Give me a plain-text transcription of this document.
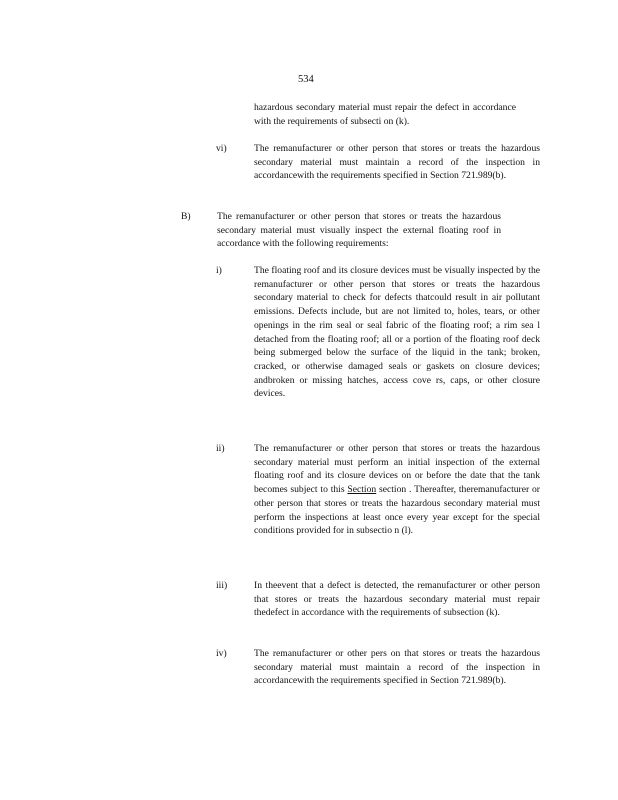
534

hazardous secondary material must repair the defect in accordance with the requirements of subsecti on (k).

vi)	The remanufacturer or other person that stores or treats the hazardous secondary material must maintain a record of the inspection in accordancewith the requirements specified in Section 721.989(b).

B)	The remanufacturer or other person that stores or treats the hazardous secondary material must visually inspect the external floating roof in accordance with the following requirements:

i)	The floating roof and its closure devices must be visually inspected by the remanufacturer or other person that stores or treats the hazardous secondary material to check for defects thatcould result in air pollutant emissions. Defects include, but are not limited to, holes, tears, or other openings in the rim seal or seal fabric of the floating roof; a rim sea l detached from the floating roof; all or a portion of the floating roof deck being submerged below the surface of the liquid in the tank; broken, cracked, or otherwise damaged seals or gaskets on closure devices; andbroken or missing hatches, access cove rs, caps, or other closure devices.

ii)	The remanufacturer or other person that stores or treats the hazardous secondary material must perform an initial inspection of the external floating roof and its closure devices on or before the date that the tank becomes subject to this Section section . Thereafter, theremanufacturer or other person that stores or treats the hazardous secondary material must perform the inspections at least once every year except for the special conditions provided for in subsectio n (l).

iii)	In theevent that a defect is detected, the remanufacturer or other person that stores or treats the hazardous secondary material must repair thedefect in accordance with the requirements of subsection (k).

iv)	The remanufacturer or other pers on that stores or treats the hazardous secondary material must maintain a record of the inspection in accordancewith the requirements specified in Section 721.989(b).
